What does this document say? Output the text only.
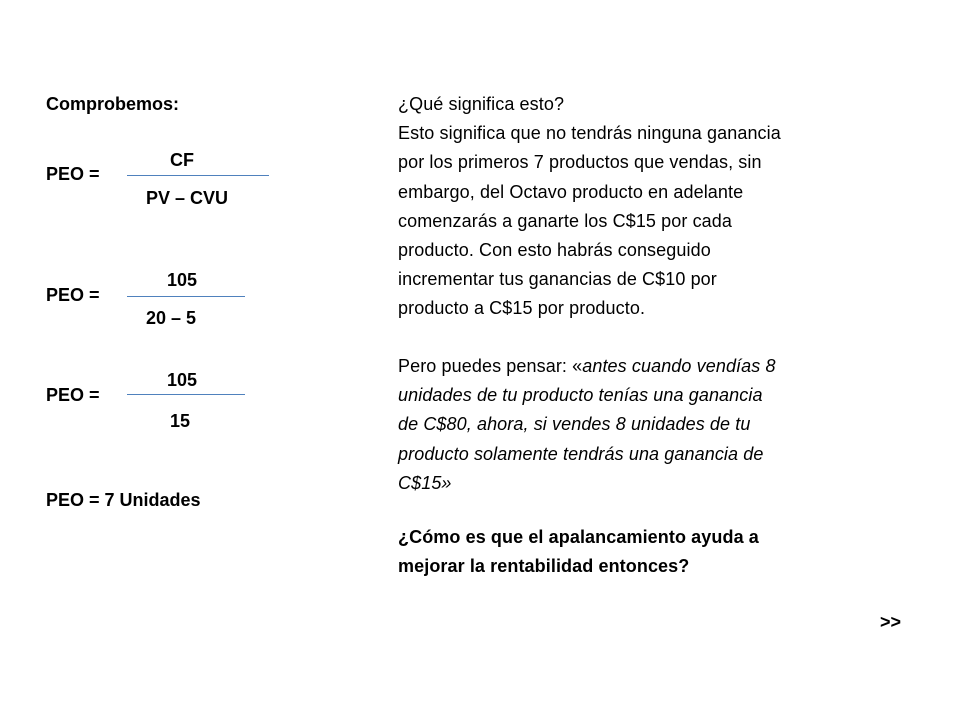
Comprobemos:
CF
PEO =
PV – CVU
105
PEO =
20 – 5
105
PEO =
15
PEO = 7 Unidades
¿Qué significa esto?
Esto significa que no tendrás ninguna ganancia
por los primeros 7 productos que vendas, sin
embargo, del Octavo producto en adelante
comenzarás a ganarte los C$15 por cada
producto. Con esto habrás conseguido
incrementar tus ganancias de C$10 por
producto a C$15 por producto.
Pero puedes pensar: «antes cuando vendías 8
unidades de tu producto tenías una ganancia
de C$80, ahora, si vendes 8 unidades de tu
producto solamente tendrás una ganancia de
C$15»
¿Cómo es que el apalancamiento ayuda a
mejorar la rentabilidad entonces?
>>
